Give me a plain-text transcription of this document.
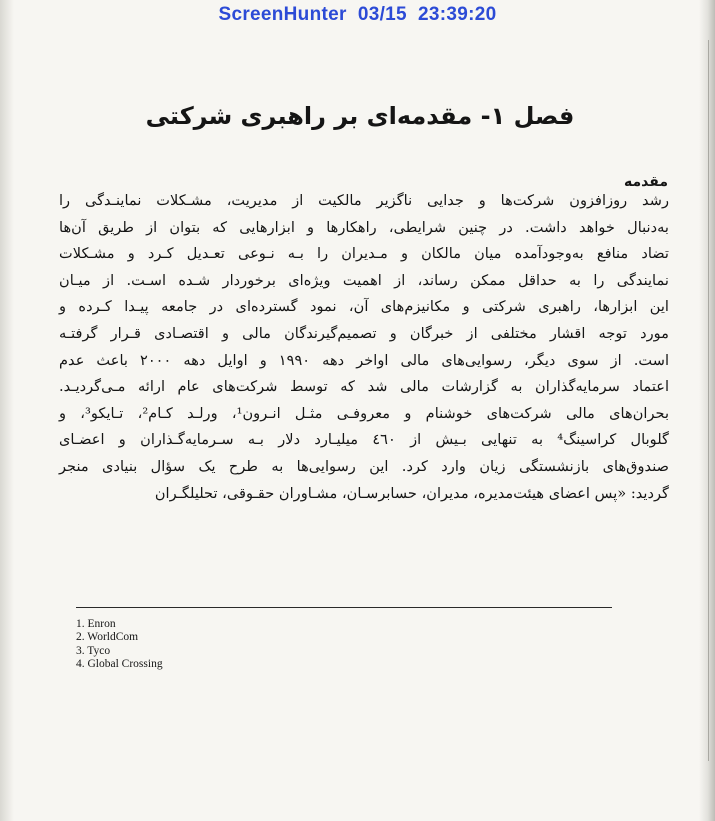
ScreenHunter  03/15  23:39:20
فصل ۱- مقدمه‌ای بر راهبری شرکتی
مقدمه
رشد روزافزون شرکت‌ها و جدایی ناگزیر مالکیت از مدیریت، مشـکلات نماینـدگی را
به‌دنبال خواهد داشت. در چنین شرایطی، راهکارها و ابزارهایی که بتوان از طریق آن‌ها
تضاد منافع به‌وجودآمده میان مالکان و مـدیران را بـه نـوعی تعـدیل کـرد و مشـکلات
نمایندگی را به حداقل ممکن رساند، از اهمیت ویژه‌ای برخوردار شـده اسـت. از میـان
این ابزارها، راهبری شرکتی و مکانیزم‌های آن، نمود گسترده‌ای در جامعه پیـدا کـرده و
مورد توجه اقشار مختلفی از خبرگان و تصمیم‌گیرندگان مالی و اقتصـادی قـرار گرفتـه
است. از سوی دیگر، رسوایی‌های مالی اواخر دهه ۱۹۹۰ و اوایل دهه ۲۰۰۰ باعث عدم
اعتماد سرمایه‌گذاران به گزارشات مالی شد که توسط شرکت‌های عام ارائه مـی‌گردیـد.
بحران‌های مالی شرکت‌های خوشنام و معروفـی مثـل انـرون¹، ورلـد کـام²، تـایکو³، و
گلوبال کراسینگ⁴ به تنهایی بـیش از ٤٦٠ میلیـارد دلار بـه سـرمایه‌گـذاران و اعضـای
صندوق‌های بازنشستگی زیان وارد کرد. این رسوایی‌ها به طرح یک سؤال بنیادی منجر
گردید: «پس اعضای هیئت‌مدیره، مدیران، حسابرسـان، مشـاوران حقـوقی، تحلیلگـران
1. Enron
2. WorldCom
3. Tyco
4. Global Crossing
